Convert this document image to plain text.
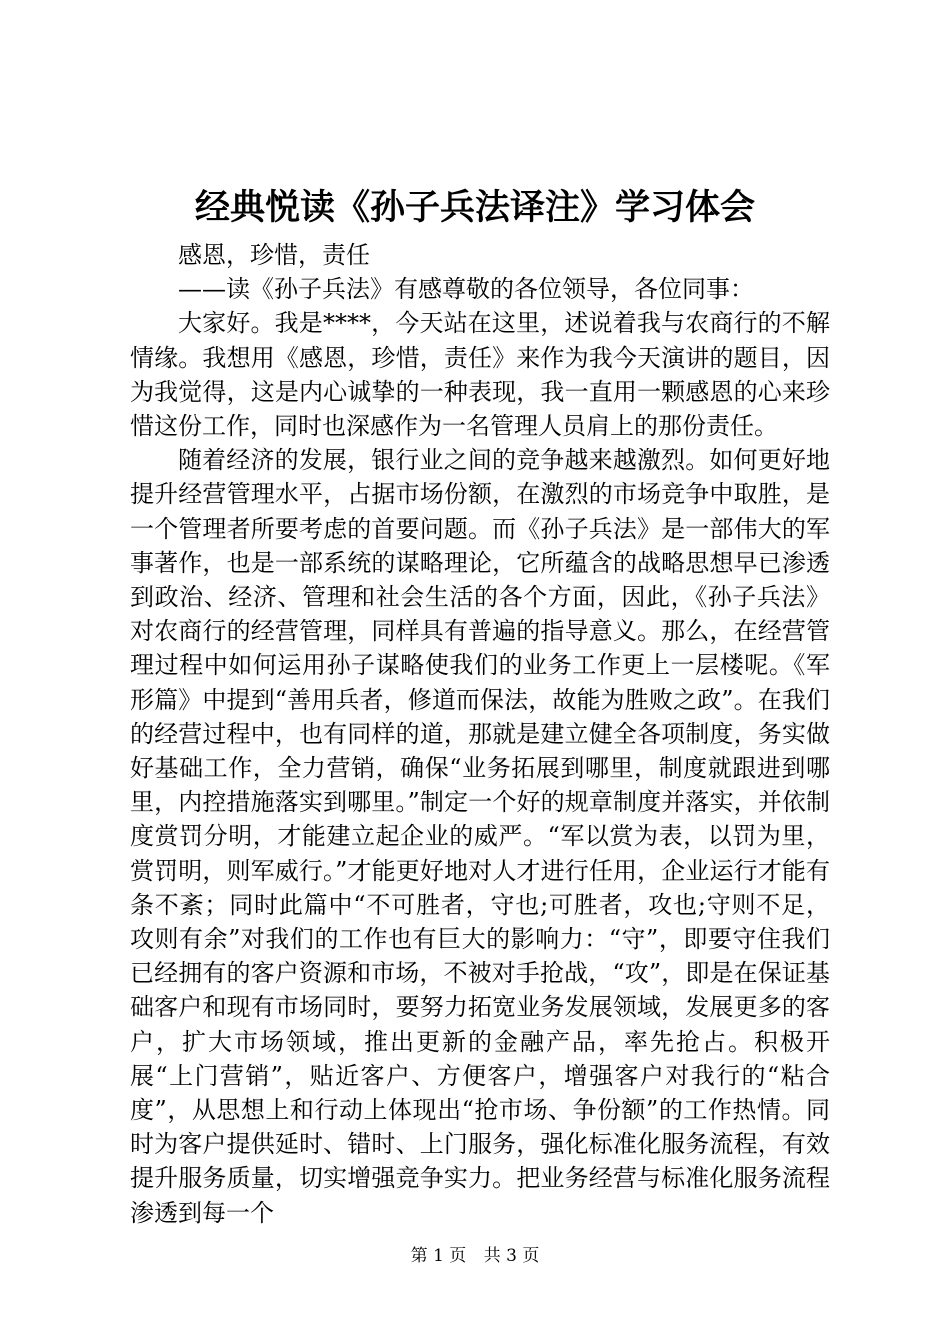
经典悦读《孙子兵法译注》学习体会

感恩，珍惜，责任

——读《孙子兵法》有感尊敬的各位领导，各位同事：

大家好。我是****，今天站在这里，述说着我与农商行的不解情缘。我想用《感恩，珍惜，责任》来作为我今天演讲的题目，因为我觉得，这是内心诚挚的一种表现，我一直用一颗感恩的心来珍惜这份工作，同时也深感作为一名管理人员肩上的那份责任。

随着经济的发展，银行业之间的竞争越来越激烈。如何更好地提升经营管理水平，占据市场份额，在激烈的市场竞争中取胜，是一个管理者所要考虑的首要问题。而《孙子兵法》是一部伟大的军事著作，也是一部系统的谋略理论，它所蕴含的战略思想早已渗透到政治、经济、管理和社会生活的各个方面，因此，《孙子兵法》对农商行的经营管理，同样具有普遍的指导意义。那么，在经营管理过程中如何运用孙子谋略使我们的业务工作更上一层楼呢。《军形篇》中提到“善用兵者，修道而保法，故能为胜败之政”。在我们的经营过程中，也有同样的道，那就是建立健全各项制度，务实做好基础工作，全力营销，确保“业务拓展到哪里，制度就跟进到哪里，内控措施落实到哪里。”制定一个好的规章制度并落实，并依制度赏罚分明，才能建立起企业的威严。“军以赏为表，以罚为里，赏罚明，则军威行。”才能更好地对人才进行任用，企业运行才能有条不紊；同时此篇中“不可胜者，守也;可胜者，攻也;守则不足，攻则有余”对我们的工作也有巨大的影响力：“守”，即要守住我们已经拥有的客户资源和市场，不被对手抢战，“攻”，即是在保证基础客户和现有市场同时，要努力拓宽业务发展领域，发展更多的客户，扩大市场领域，推出更新的金融产品，率先抢占。积极开展“上门营销”，贴近客户、方便客户，增强客户对我行的“粘合度”，从思想上和行动上体现出“抢市场、争份额”的工作热情。同时为客户提供延时、错时、上门服务，强化标准化服务流程，有效提升服务质量，切实增强竞争实力。把业务经营与标准化服务流程渗透到每一个

第 1 页 共 3 页
